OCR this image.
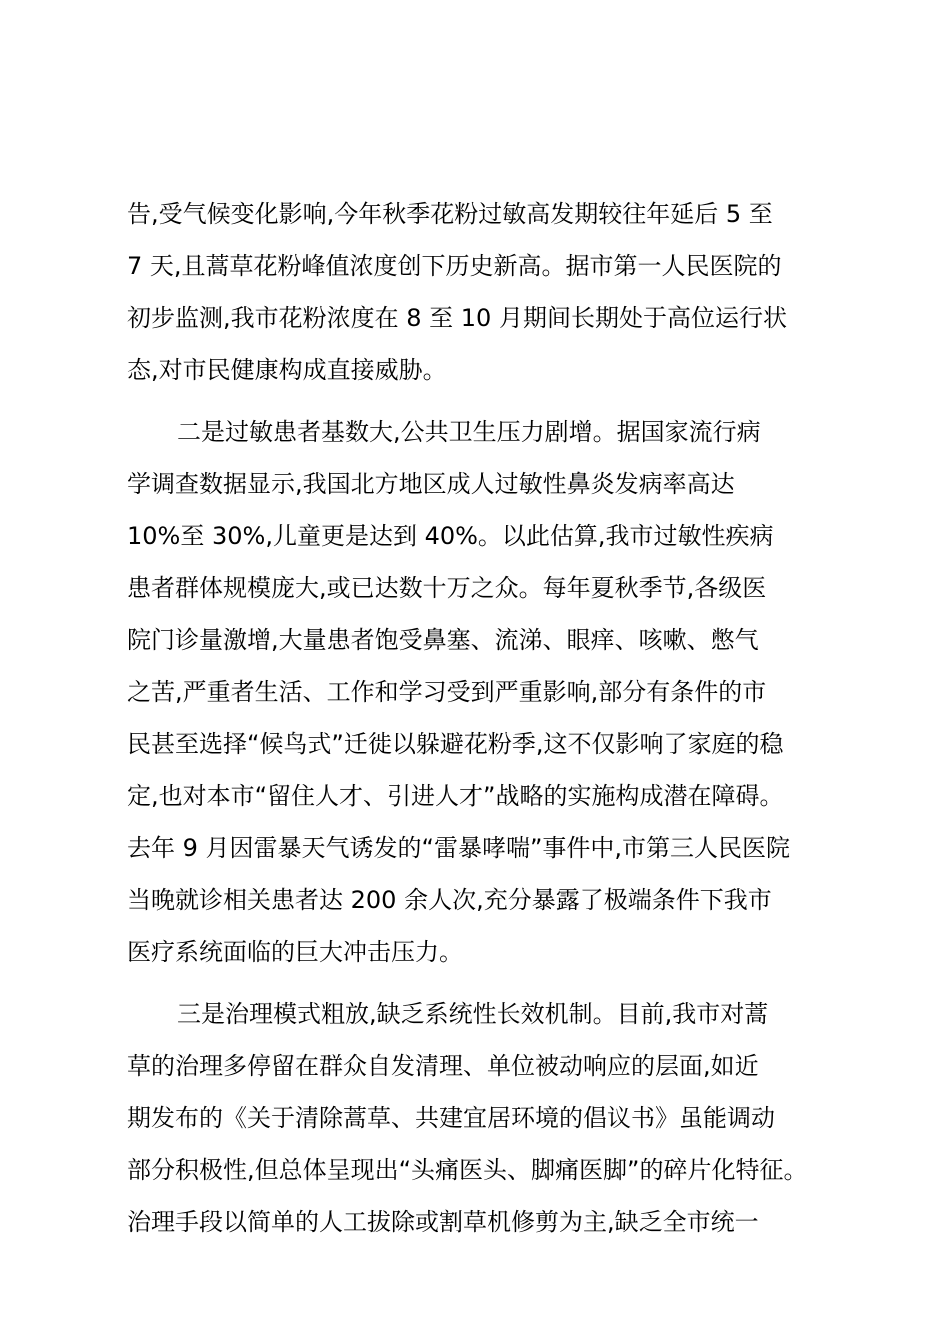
告,受气候变化影响,今年秋季花粉过敏高发期较往年延后 5 至
7 天,且蒿草花粉峰值浓度创下历史新高。据市第一人民医院的
初步监测,我市花粉浓度在 8 至 10 月期间长期处于高位运行状
态,对市民健康构成直接威胁。
二是过敏患者基数大,公共卫生压力剧增。据国家流行病
学调查数据显示,我国北方地区成人过敏性鼻炎发病率高达
10%至 30%,儿童更是达到 40%。以此估算,我市过敏性疾病
患者群体规模庞大,或已达数十万之众。每年夏秋季节,各级医
院门诊量激增,大量患者饱受鼻塞、流涕、眼痒、咳嗽、憋气
之苦,严重者生活、工作和学习受到严重影响,部分有条件的市
民甚至选择“候鸟式”迁徙以躲避花粉季,这不仅影响了家庭的稳
定,也对本市“留住人才、引进人才”战略的实施构成潜在障碍。
去年 9 月因雷暴天气诱发的“雷暴哮喘”事件中,市第三人民医院
当晚就诊相关患者达 200 余人次,充分暴露了极端条件下我市
医疗系统面临的巨大冲击压力。
三是治理模式粗放,缺乏系统性长效机制。目前,我市对蒿
草的治理多停留在群众自发清理、单位被动响应的层面,如近
期发布的《关于清除蒿草、共建宜居环境的倡议书》虽能调动
部分积极性,但总体呈现出“头痛医头、脚痛医脚”的碎片化特征。
治理手段以简单的人工拔除或割草机修剪为主,缺乏全市统一
